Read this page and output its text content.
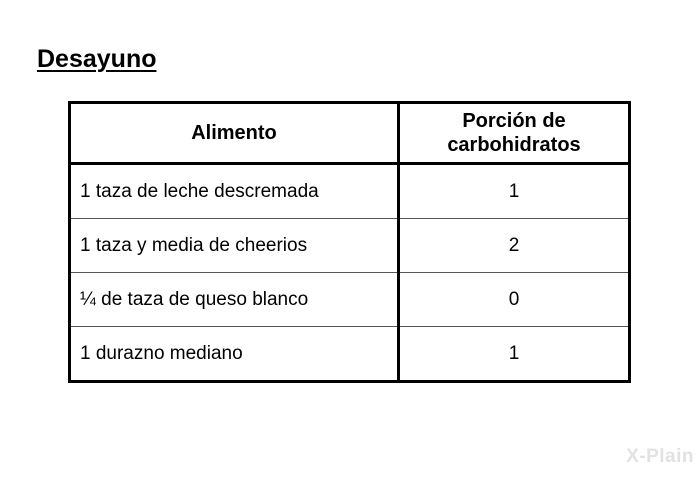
Desayuno
Alimento	Porción de
carbohidratos
1 taza de leche descremada	1
1 taza y media de cheerios	2
¼ de taza de queso blanco	0
1 durazno mediano	1
X-Plain
